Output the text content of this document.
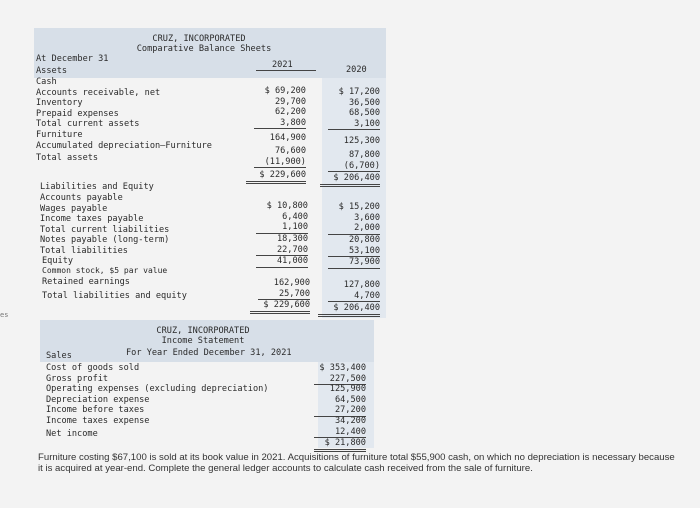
es
CRUZ, INCORPORATED
Comparative Balance Sheets
At December 31
2021	2020
Assets

Cash

Accounts receivable, net

Inventory

Prepaid expenses

Total current assets

Furniture

Accumulated depreciation—Furniture

Total assets

$ 69,200

29,700

62,200

3,800

164,900

76,600

(11,900)

$ 229,600

$ 17,200

36,500

68,500

3,100

125,300

87,800

(6,700)

$ 206,400

Liabilities and Equity

Accounts payable

Wages payable

Income taxes payable

Total current liabilities

Notes payable (long-term)

Total liabilities

$ 10,800

6,400

1,100

18,300

22,700

41,000

$ 15,200

3,600

2,000

20,800

53,100

73,900

Equity

Common stock, $5 par value

Retained earnings

Total liabilities and equity

162,900

25,700

$ 229,600

127,800

4,700

$ 206,400

CRUZ, INCORPORATED
Income Statement
For Year Ended December 31, 2021

Sales

Cost of goods sold

Gross profit

Operating expenses (excluding depreciation)

Depreciation expense

Income before taxes

Income taxes expense

Net income

$ 353,400

227,500

125,900

64,500

27,200

34,200

12,400

$ 21,800

Furniture costing $67,100 is sold at its book value in 2021. Acquisitions of furniture total $55,900 cash, on which no depreciation is necessary because it is acquired at year-end. Complete the general ledger accounts to calculate cash received from the sale of furniture.
